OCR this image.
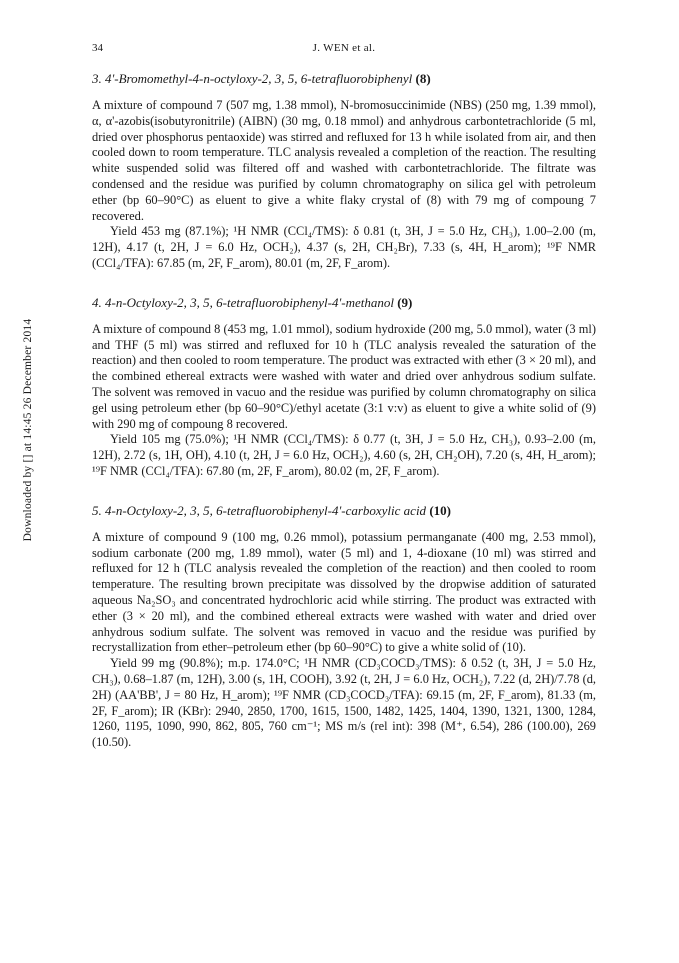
34	J. WEN et al.
Downloaded by [] at 14:45 26 December 2014

3. 4'-Bromomethyl-4-n-octyloxy-2, 3, 5, 6-tetrafluorobiphenyl (8)

A mixture of compound 7 (507 mg, 1.38 mmol), N-bromosuccinimide (NBS) (250 mg, 1.39 mmol), α, α'-azobis(isobutyronitrile) (AIBN) (30 mg, 0.18 mmol) and anhydrous carbontetrachloride (5 ml, dried over phosphorus pentaoxide) was stirred and refluxed for 13 h while isolated from air, and then cooled down to room temperature. TLC analysis revealed a completion of the reaction. The resulting white suspended solid was filtered off and washed with carbontetrachloride. The filtrate was condensed and the residue was purified by column chromatography on silica gel with petroleum ether (bp 60–90°C) as eluent to give a white flaky crystal of (8) with 79 mg of compoung 7 recovered.

Yield 453 mg (87.1%); ¹H NMR (CCl₄/TMS): δ 0.81 (t, 3H, J = 5.0 Hz, CH₃), 1.00–2.00 (m, 12H), 4.17 (t, 2H, J = 6.0 Hz, OCH₂), 4.37 (s, 2H, CH₂Br), 7.33 (s, 4H, H_arom); ¹⁹F NMR (CCl₄/TFA): 67.85 (m, 2F, F_arom), 80.01 (m, 2F, F_arom).

4. 4-n-Octyloxy-2, 3, 5, 6-tetrafluorobiphenyl-4'-methanol (9)

A mixture of compound 8 (453 mg, 1.01 mmol), sodium hydroxide (200 mg, 5.0 mmol), water (3 ml) and THF (5 ml) was stirred and refluxed for 10 h (TLC analysis revealed the saturation of the reaction) and then cooled to room temperature. The product was extracted with ether (3 × 20 ml), and the combined ethereal extracts were washed with water and dried over anhydrous sodium sulfate. The solvent was removed in vacuo and the residue was purified by column chromatography on silica gel using petroleum ether (bp 60–90°C)/ethyl acetate (3:1 v:v) as eluent to give a white solid of (9) with 290 mg of compoung 8 recovered.

Yield 105 mg (75.0%); ¹H NMR (CCl₄/TMS): δ 0.77 (t, 3H, J = 5.0 Hz, CH₃), 0.93–2.00 (m, 12H), 2.72 (s, 1H, OH), 4.10 (t, 2H, J = 6.0 Hz, OCH₂), 4.60 (s, 2H, CH₂OH), 7.20 (s, 4H, H_arom); ¹⁹F NMR (CCl₄/TFA): 67.80 (m, 2F, F_arom), 80.02 (m, 2F, F_arom).

5. 4-n-Octyloxy-2, 3, 5, 6-tetrafluorobiphenyl-4'-carboxylic acid (10)

A mixture of compound 9 (100 mg, 0.26 mmol), potassium permanganate (400 mg, 2.53 mmol), sodium carbonate (200 mg, 1.89 mmol), water (5 ml) and 1, 4-dioxane (10 ml) was stirred and refluxed for 12 h (TLC analysis revealed the completion of the reaction) and then cooled to room temperature. The resulting brown precipitate was dissolved by the dropwise addition of saturated aqueous Na₂SO₃ and concentrated hydrochloric acid while stirring. The product was extracted with ether (3 × 20 ml), and the combined ethereal extracts were washed with water and dried over anhydrous sodium sulfate. The solvent was removed in vacuo and the residue was purified by recrystallization from ether–petroleum ether (bp 60–90°C) to give a white solid of (10).

Yield 99 mg (90.8%); m.p. 174.0°C; ¹H NMR (CD₃COCD₃/TMS): δ 0.52 (t, 3H, J = 5.0 Hz, CH₃), 0.68–1.87 (m, 12H), 3.00 (s, 1H, COOH), 3.92 (t, 2H, J = 6.0 Hz, OCH₂), 7.22 (d, 2H)/7.78 (d, 2H) (AA'BB', J = 80 Hz, H_arom); ¹⁹F NMR (CD₃COCD₃/TFA): 69.15 (m, 2F, F_arom), 81.33 (m, 2F, F_arom); IR (KBr): 2940, 2850, 1700, 1615, 1500, 1482, 1425, 1404, 1390, 1321, 1300, 1284, 1260, 1195, 1090, 990, 862, 805, 760 cm⁻¹; MS m/s (rel int): 398 (M⁺, 6.54), 286 (100.00), 269 (10.50).
